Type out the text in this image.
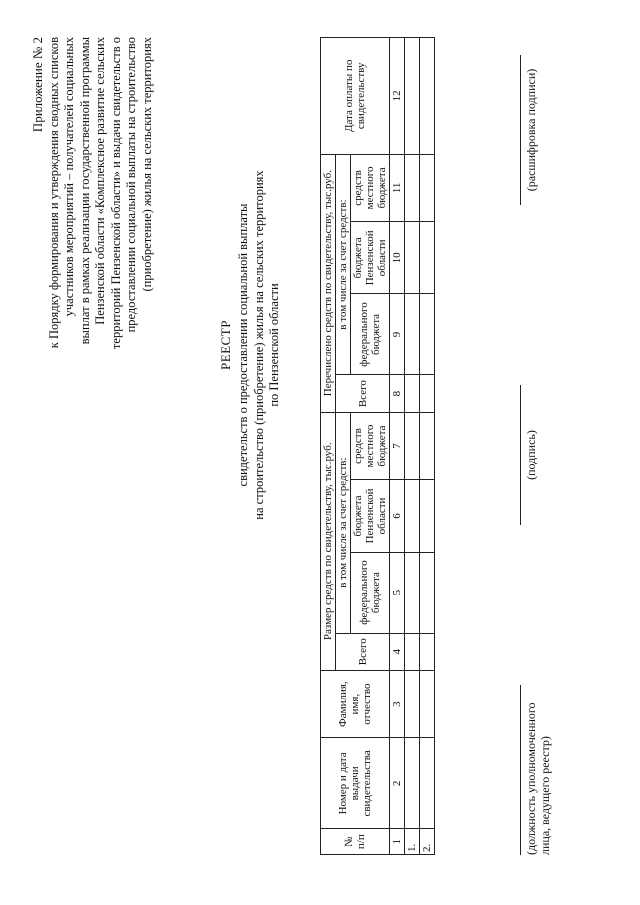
Приложение № 2 к Порядку формирования и утверждения сводных списков участников мероприятий – получателей социальных выплат в рамках реализации государственной программы Пензенской области «Комплексное развитие сельских территорий Пензенской области» и выдачи свидетельств о предоставлении социальной выплаты на строительство (приобретение) жилья на сельских территориях
РЕЕСТР свидетельств о предоставлении социальной выплаты на строительство (приобретение) жилья на сельских территориях по Пензенской области
№ п/п	Номер и дата выдачи свидетельства	Фамилия, имя, отчество	Размер средств по свидетельству, тыс.руб.				Перечислено средств по свидетельству, тыс.руб.				Дата оплаты по свидетельству
			Всего	в том числе за счет средств:			Всего	в том числе за счет средств:			
				федерального бюджета	бюджета Пензенской области	средств местного бюджета		федерального бюджета	бюджета Пензенской области	средств местного бюджета	
1	2	3	4	5	6	7	8	9	10	11	12
1.											
2.												(должность уполномоченного лица, ведущего реестр)
(подпись)
(расшифровка подписи)
